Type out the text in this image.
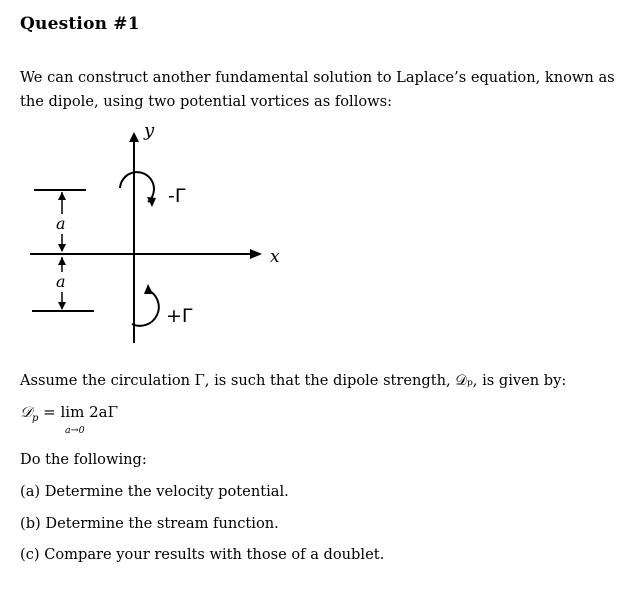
Question #1
We can construct another fundamental solution to Laplace’s equation, known as the dipole, using two potential vortices as follows:
y
x
-Γ
+Γ
a
a
Assume the circulation Γ, is such that the dipole strength, 𝒟ₚ, is given by:
𝒟$_p$ = lim 2aΓ
a→0
Do the following:
(a) Determine the velocity potential.
(b) Determine the stream function.
(c) Compare your results with those of a doublet.
